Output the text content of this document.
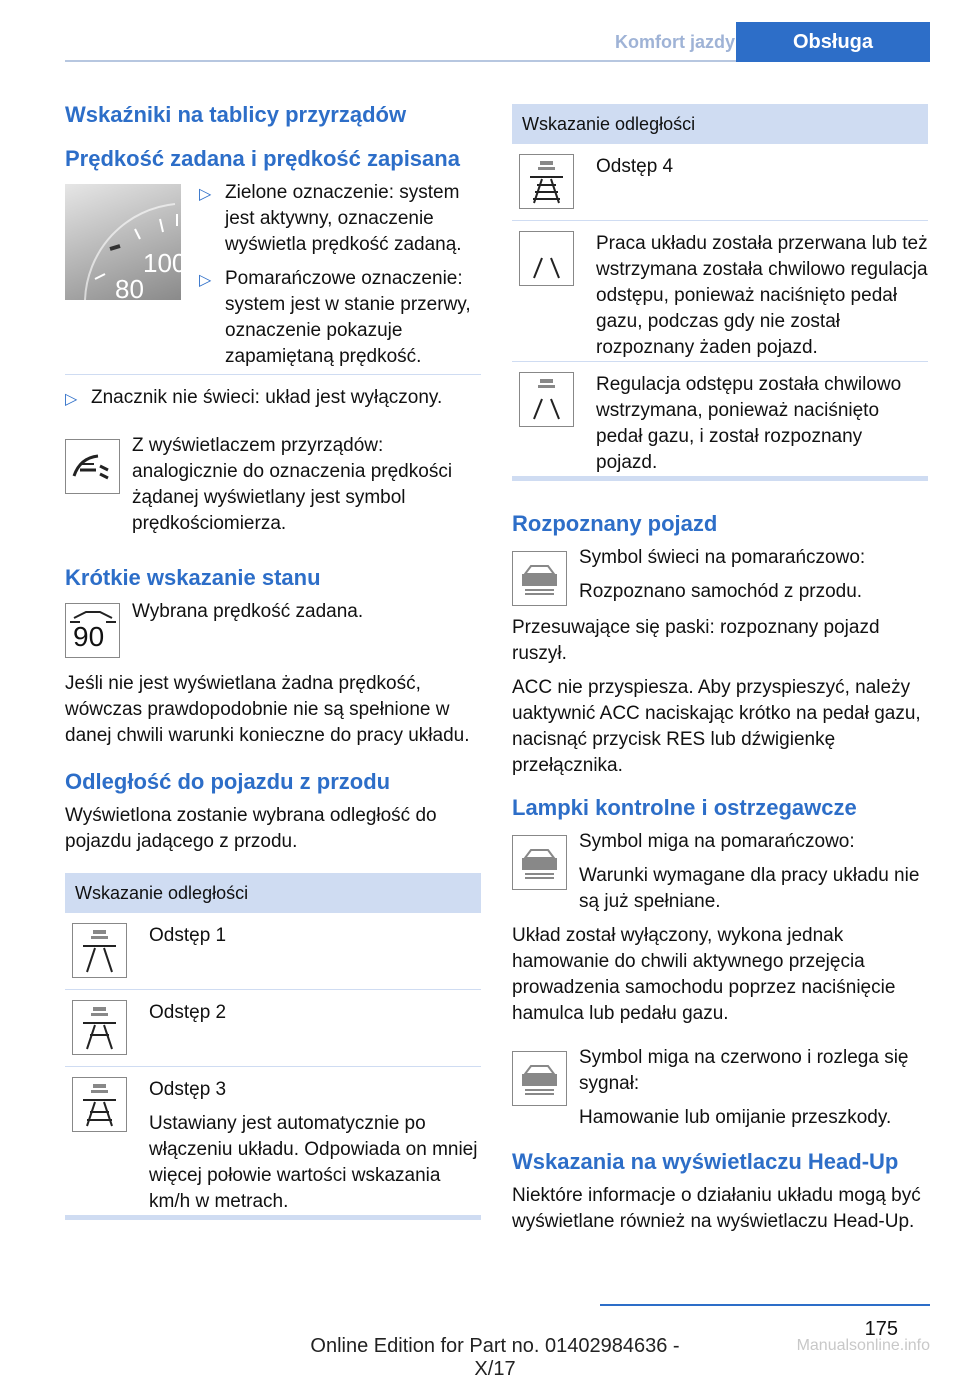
Komfort jazdy	Obsługa
Wskaźniki na tablicy przyrządów
Prędkość zadana i prędkość zapisana
100
80
▷ Zielone oznaczenie: system jest aktywny, oznaczenie wyświetla prędkość zadaną.
▷ Pomarańczowe oznaczenie: system jest w stanie przerwy, oznaczenie pokazuje zapamiętaną prędkość.
▷ Znacznik nie świeci: układ jest wyłączony.

Z wyświetlaczem przyrządów: analogicznie do oznaczenia prędkości żądanej wyświetlany jest symbol prędkościomierza.

Krótkie wskazanie stanu
90

Wybrana prędkość zadana.

Jeśli nie jest wyświetlana żadna prędkość, wówczas prawdopodobnie nie są spełnione w danej chwili warunki konieczne do pracy układu.

Odległość do pojazdu z przodu

Wyświetlona zostanie wybrana odległość do pojazdu jadącego z przodu.

Wskazanie odległości
Odstęp 1
Odstęp 2

Odstęp 3

Ustawiany jest automatycznie po włączeniu układu. Odpowiada on mniej więcej połowie wartości wskazania km/h w metrach.

Wskazanie odległości
Odstęp 4
Praca układu została przerwana lub też wstrzymana została chwilowo regulacja odstępu, ponieważ naciśnięto pedał gazu, podczas gdy nie został rozpoznany żaden pojazd.
Regulacja odstępu została chwilowo wstrzymana, ponieważ naciśnięto pedał gazu, i został rozpoznany pojazd.
Rozpoznany pojazd

Symbol świeci na pomarańczowo:

Rozpoznano samochód z przodu.

Przesuwające się paski: rozpoznany pojazd ruszył.

ACC nie przyspiesza. Aby przyspieszyć, należy uaktywnić ACC naciskając krótko na pedał gazu, nacisnąć przycisk RES lub dźwigienkę przełącznika.

Lampki kontrolne i ostrzegawcze

Symbol miga na pomarańczowo:

Warunki wymagane dla pracy układu nie są już spełniane.

Układ został wyłączony, wykona jednak hamowanie do chwili aktywnego przejęcia prowadzenia samochodu poprzez naciśnięcie hamulca lub pedału gazu.

Symbol miga na czerwono i rozlega się sygnał:

Hamowanie lub omijanie przeszkody.

Wskazania na wyświetlaczu Head-Up

Niektóre informacje o działaniu układu mogą być wyświetlane również na wyświetlaczu Head-Up.

175
Online Edition for Part no. 01402984636 - X/17
Manualsonline.info
